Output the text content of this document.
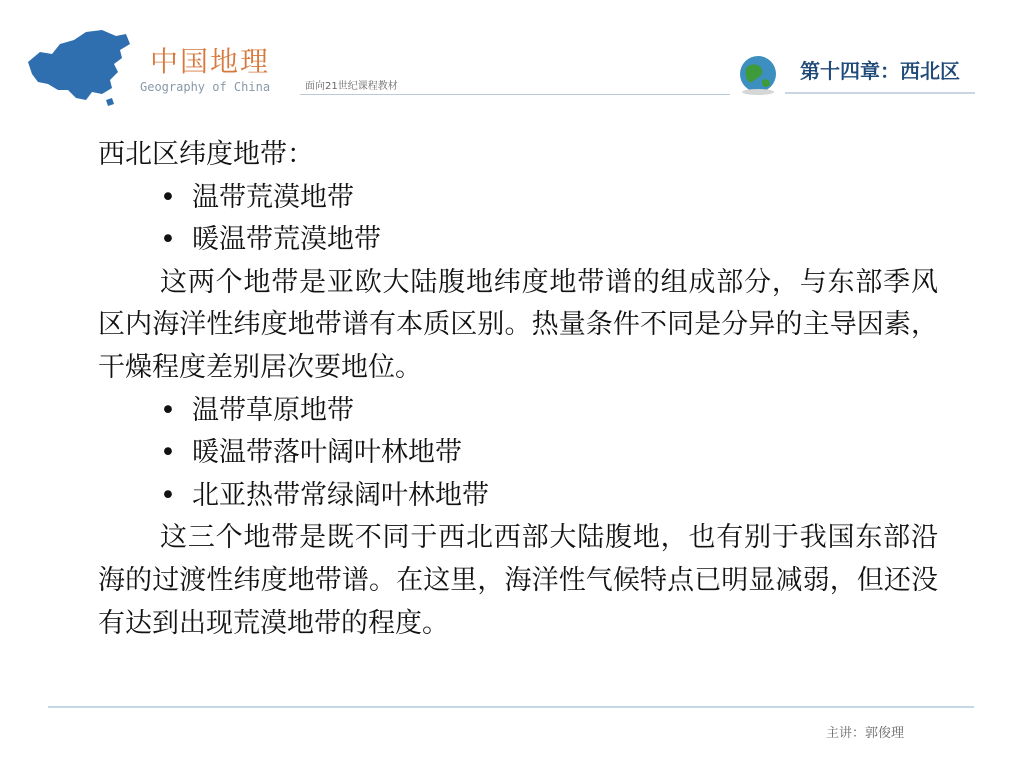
中国地理
Geography of China	面向21世纪课程教材
第十四章：西北区
西北区纬度地带：
• 温带荒漠地带
• 暖温带荒漠地带
这两个地带是亚欧大陆腹地纬度地带谱的组成部分，与东部季风区内海洋性纬度地带谱有本质区别。热量条件不同是分异的主导因素，干燥程度差别居次要地位。
• 温带草原地带
• 暖温带落叶阔叶林地带
• 北亚热带常绿阔叶林地带
这三个地带是既不同于西北西部大陆腹地，也有别于我国东部沿海的过渡性纬度地带谱。在这里，海洋性气候特点已明显减弱，但还没有达到出现荒漠地带的程度。
主讲：郭俊理
